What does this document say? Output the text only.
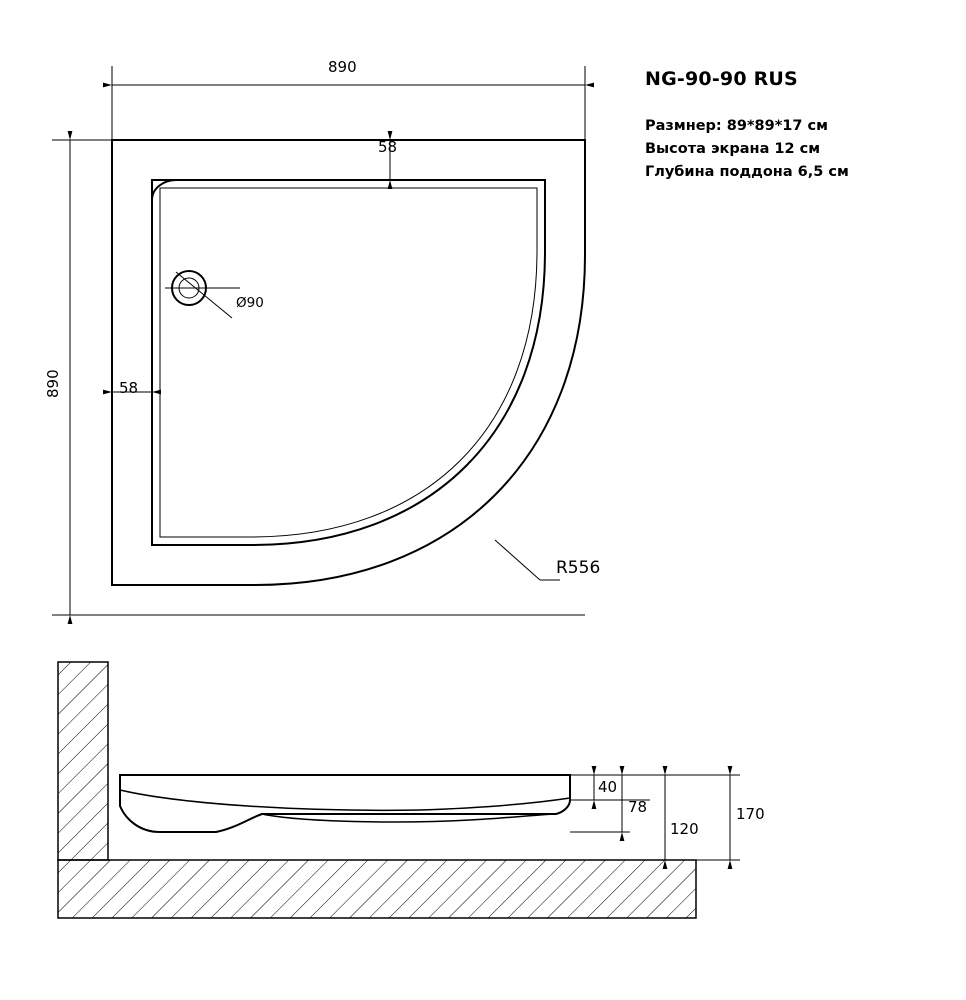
NG-90-90 RUS
Размнер: 89*89*17 см
Высота экрана 12 см
Глубина поддона 6,5 см
890
890
58
58
Ø90
R556
40
78
120
170
